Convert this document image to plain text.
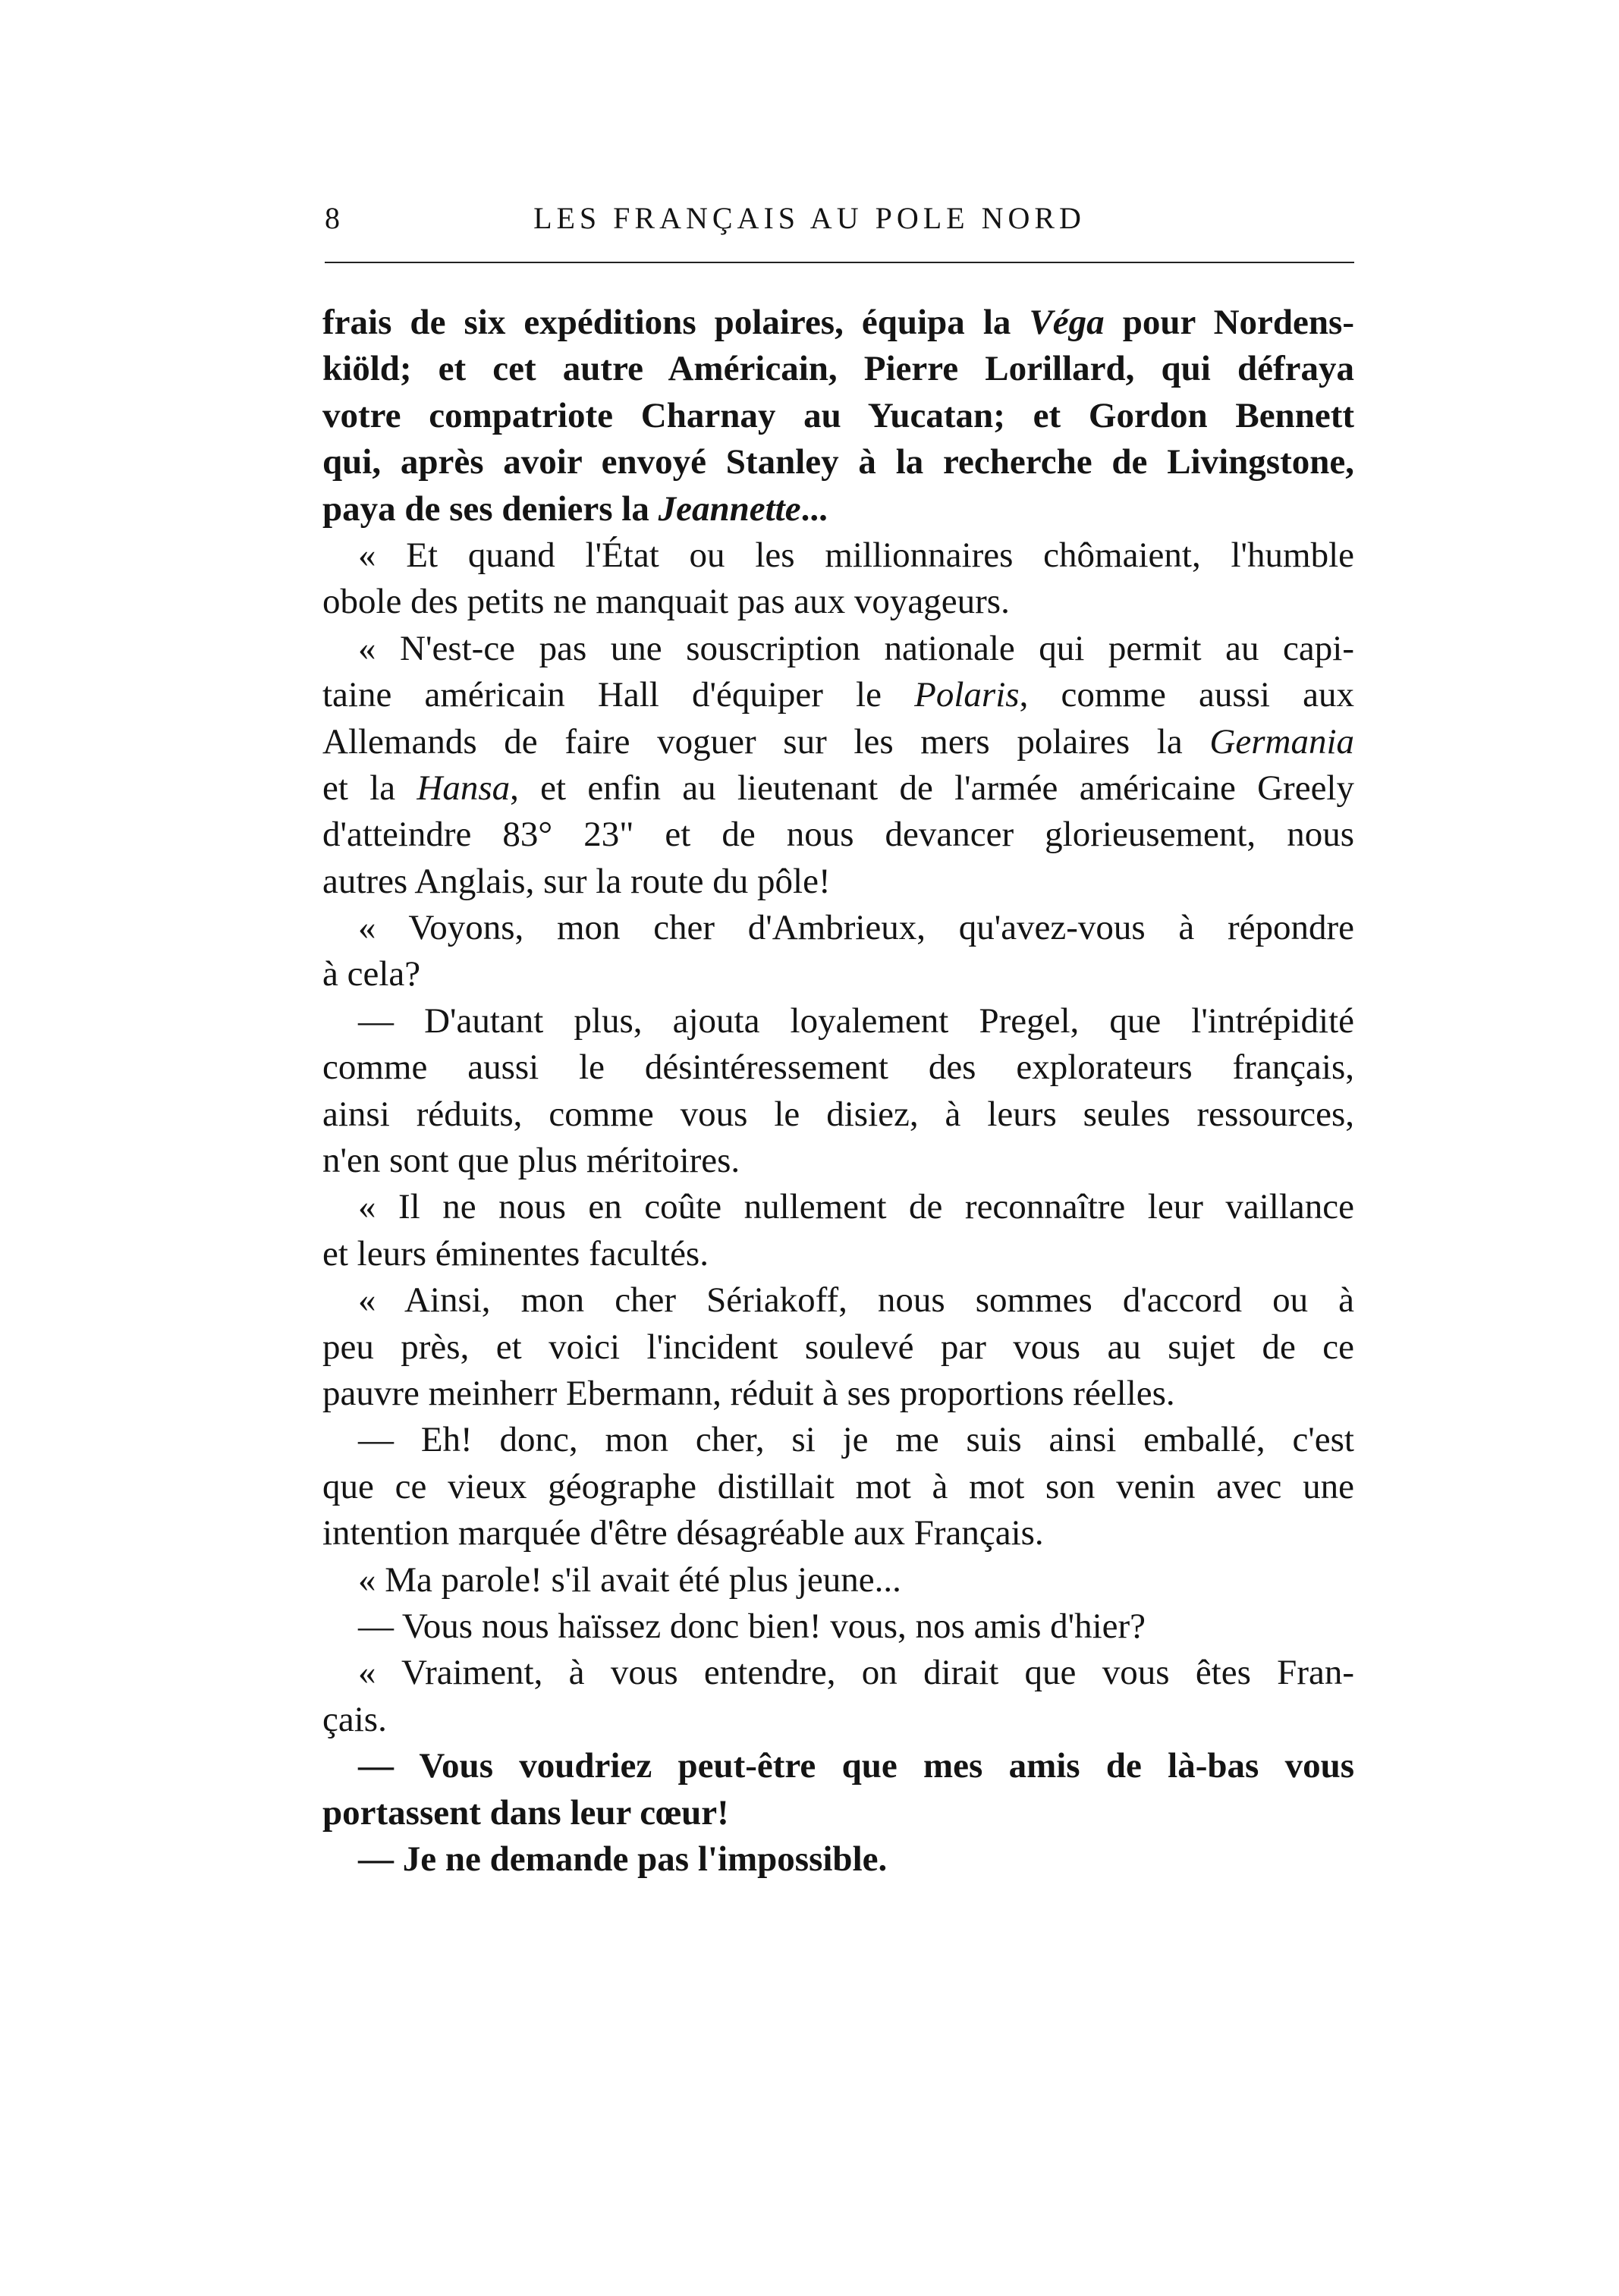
8	LES FRANÇAIS AU POLE NORD
frais de six expéditions polaires, équipa la Véga pour Nordens-
kiöld; et cet autre Américain, Pierre Lorillard, qui défraya
votre compatriote Charnay au Yucatan; et Gordon Bennett
qui, après avoir envoyé Stanley à la recherche de Livingstone,
paya de ses deniers la Jeannette...
« Et quand l'État ou les millionnaires chômaient, l'humble
obole des petits ne manquait pas aux voyageurs.
« N'est-ce pas une souscription nationale qui permit au capi-
taine américain Hall d'équiper le Polaris, comme aussi aux
Allemands de faire voguer sur les mers polaires la Germania
et la Hansa, et enfin au lieutenant de l'armée américaine Greely
d'atteindre 83° 23" et de nous devancer glorieusement, nous
autres Anglais, sur la route du pôle!
« Voyons, mon cher d'Ambrieux, qu'avez-vous à répondre
à cela?
— D'autant plus, ajouta loyalement Pregel, que l'intrépidité
comme aussi le désintéressement des explorateurs français,
ainsi réduits, comme vous le disiez, à leurs seules ressources,
n'en sont que plus méritoires.
« Il ne nous en coûte nullement de reconnaître leur vaillance
et leurs éminentes facultés.
« Ainsi, mon cher Sériakoff, nous sommes d'accord ou à
peu près, et voici l'incident soulevé par vous au sujet de ce
pauvre meinherr Ebermann, réduit à ses proportions réelles.
— Eh! donc, mon cher, si je me suis ainsi emballé, c'est
que ce vieux géographe distillait mot à mot son venin avec une
intention marquée d'être désagréable aux Français.
« Ma parole! s'il avait été plus jeune...
— Vous nous haïssez donc bien! vous, nos amis d'hier?
« Vraiment, à vous entendre, on dirait que vous êtes Fran-
çais.
— Vous voudriez peut-être que mes amis de là-bas vous
portassent dans leur cœur!
— Je ne demande pas l'impossible.
